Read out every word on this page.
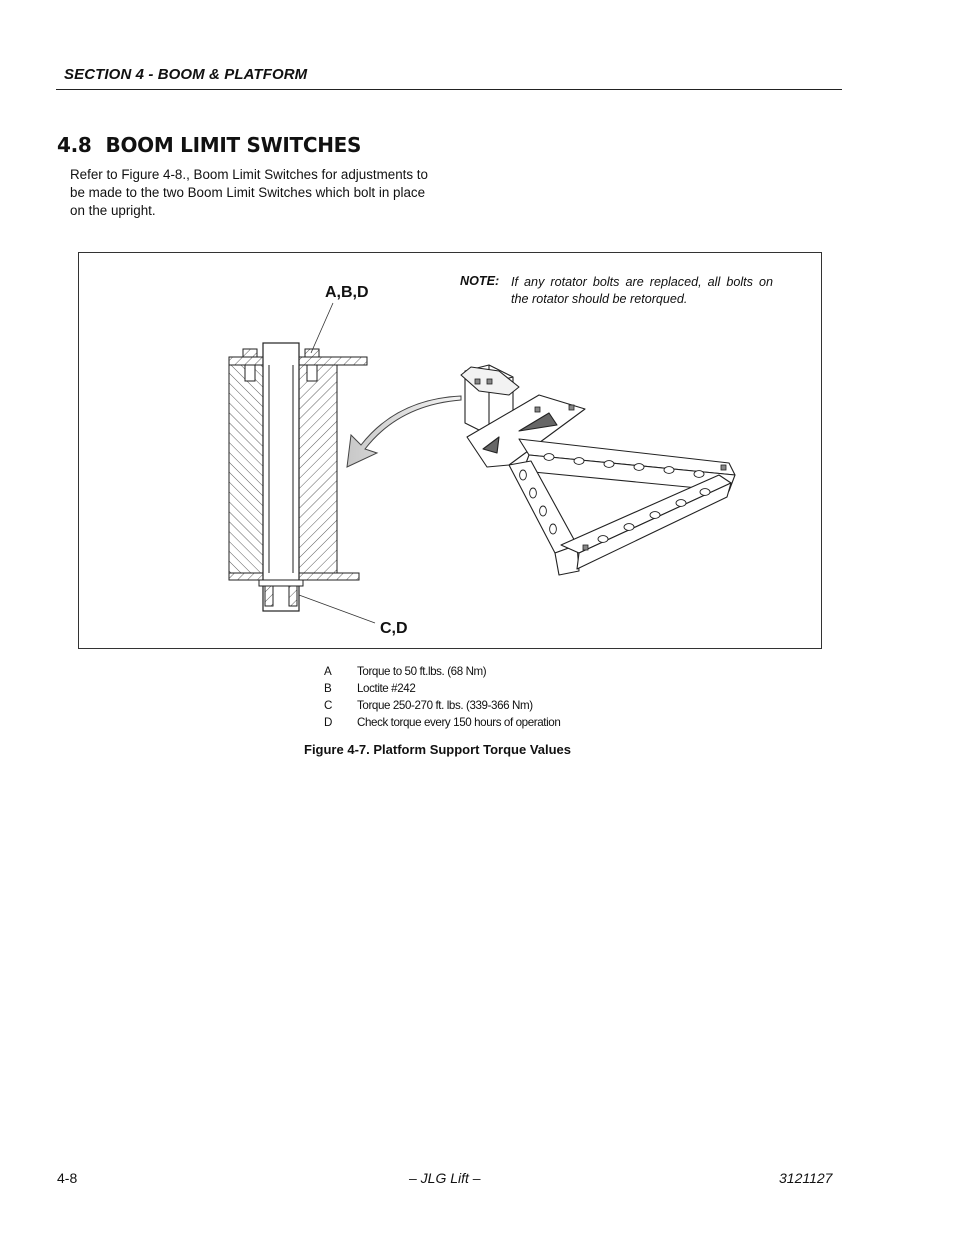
SECTION 4 - BOOM & PLATFORM
4.8 BOOM LIMIT SWITCHES
Refer to Figure 4-8., Boom Limit Switches for adjustments to be made to the two Boom Limit Switches which bolt in place on the upright.
A,B,D
C,D
NOTE: If any rotator bolts are replaced, all bolts on the rotator should be retorqued.
A	Torque to 50 ft.lbs. (68 Nm)
B	Loctite #242
C	Torque 250-270 ft. lbs. (339-366 Nm)
D	Check torque every 150 hours of operation
Figure 4-7. Platform Support Torque Values
4-8	– JLG Lift –	3121127
